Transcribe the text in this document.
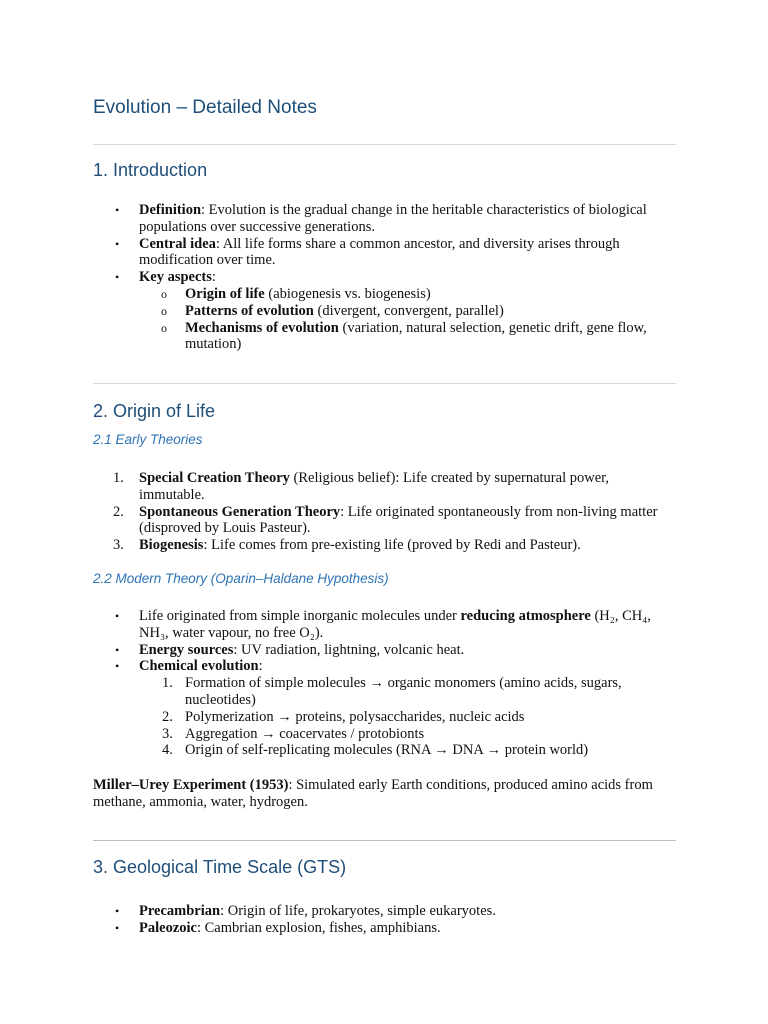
Evolution – Detailed Notes
1. Introduction
•	Definition: Evolution is the gradual change in the heritable characteristics of biological populations over successive generations.
•	Central idea: All life forms share a common ancestor, and diversity arises through modification over time.
•	Key aspects:
o	Origin of life (abiogenesis vs. biogenesis)
o	Patterns of evolution (divergent, convergent, parallel)
o	Mechanisms of evolution (variation, natural selection, genetic drift, gene flow, mutation)
2. Origin of Life
2.1 Early Theories
1.	Special Creation Theory (Religious belief): Life created by supernatural power, immutable.
2.	Spontaneous Generation Theory: Life originated spontaneously from non-living matter (disproved by Louis Pasteur).
3.	Biogenesis: Life comes from pre-existing life (proved by Redi and Pasteur).
2.2 Modern Theory (Oparin–Haldane Hypothesis)
•	Life originated from simple inorganic molecules under reducing atmosphere (H₂, CH₄, NH₃, water vapour, no free O₂).
•	Energy sources: UV radiation, lightning, volcanic heat.
•	Chemical evolution:
1. Formation of simple molecules → organic monomers (amino acids, sugars, nucleotides)
2. Polymerization → proteins, polysaccharides, nucleic acids
3. Aggregation → coacervates / protobionts
4. Origin of self-replicating molecules (RNA → DNA → protein world)

Miller–Urey Experiment (1953): Simulated early Earth conditions, produced amino acids from methane, ammonia, water, hydrogen.

3. Geological Time Scale (GTS)
•	Precambrian: Origin of life, prokaryotes, simple eukaryotes.
•	Paleozoic: Cambrian explosion, fishes, amphibians.
